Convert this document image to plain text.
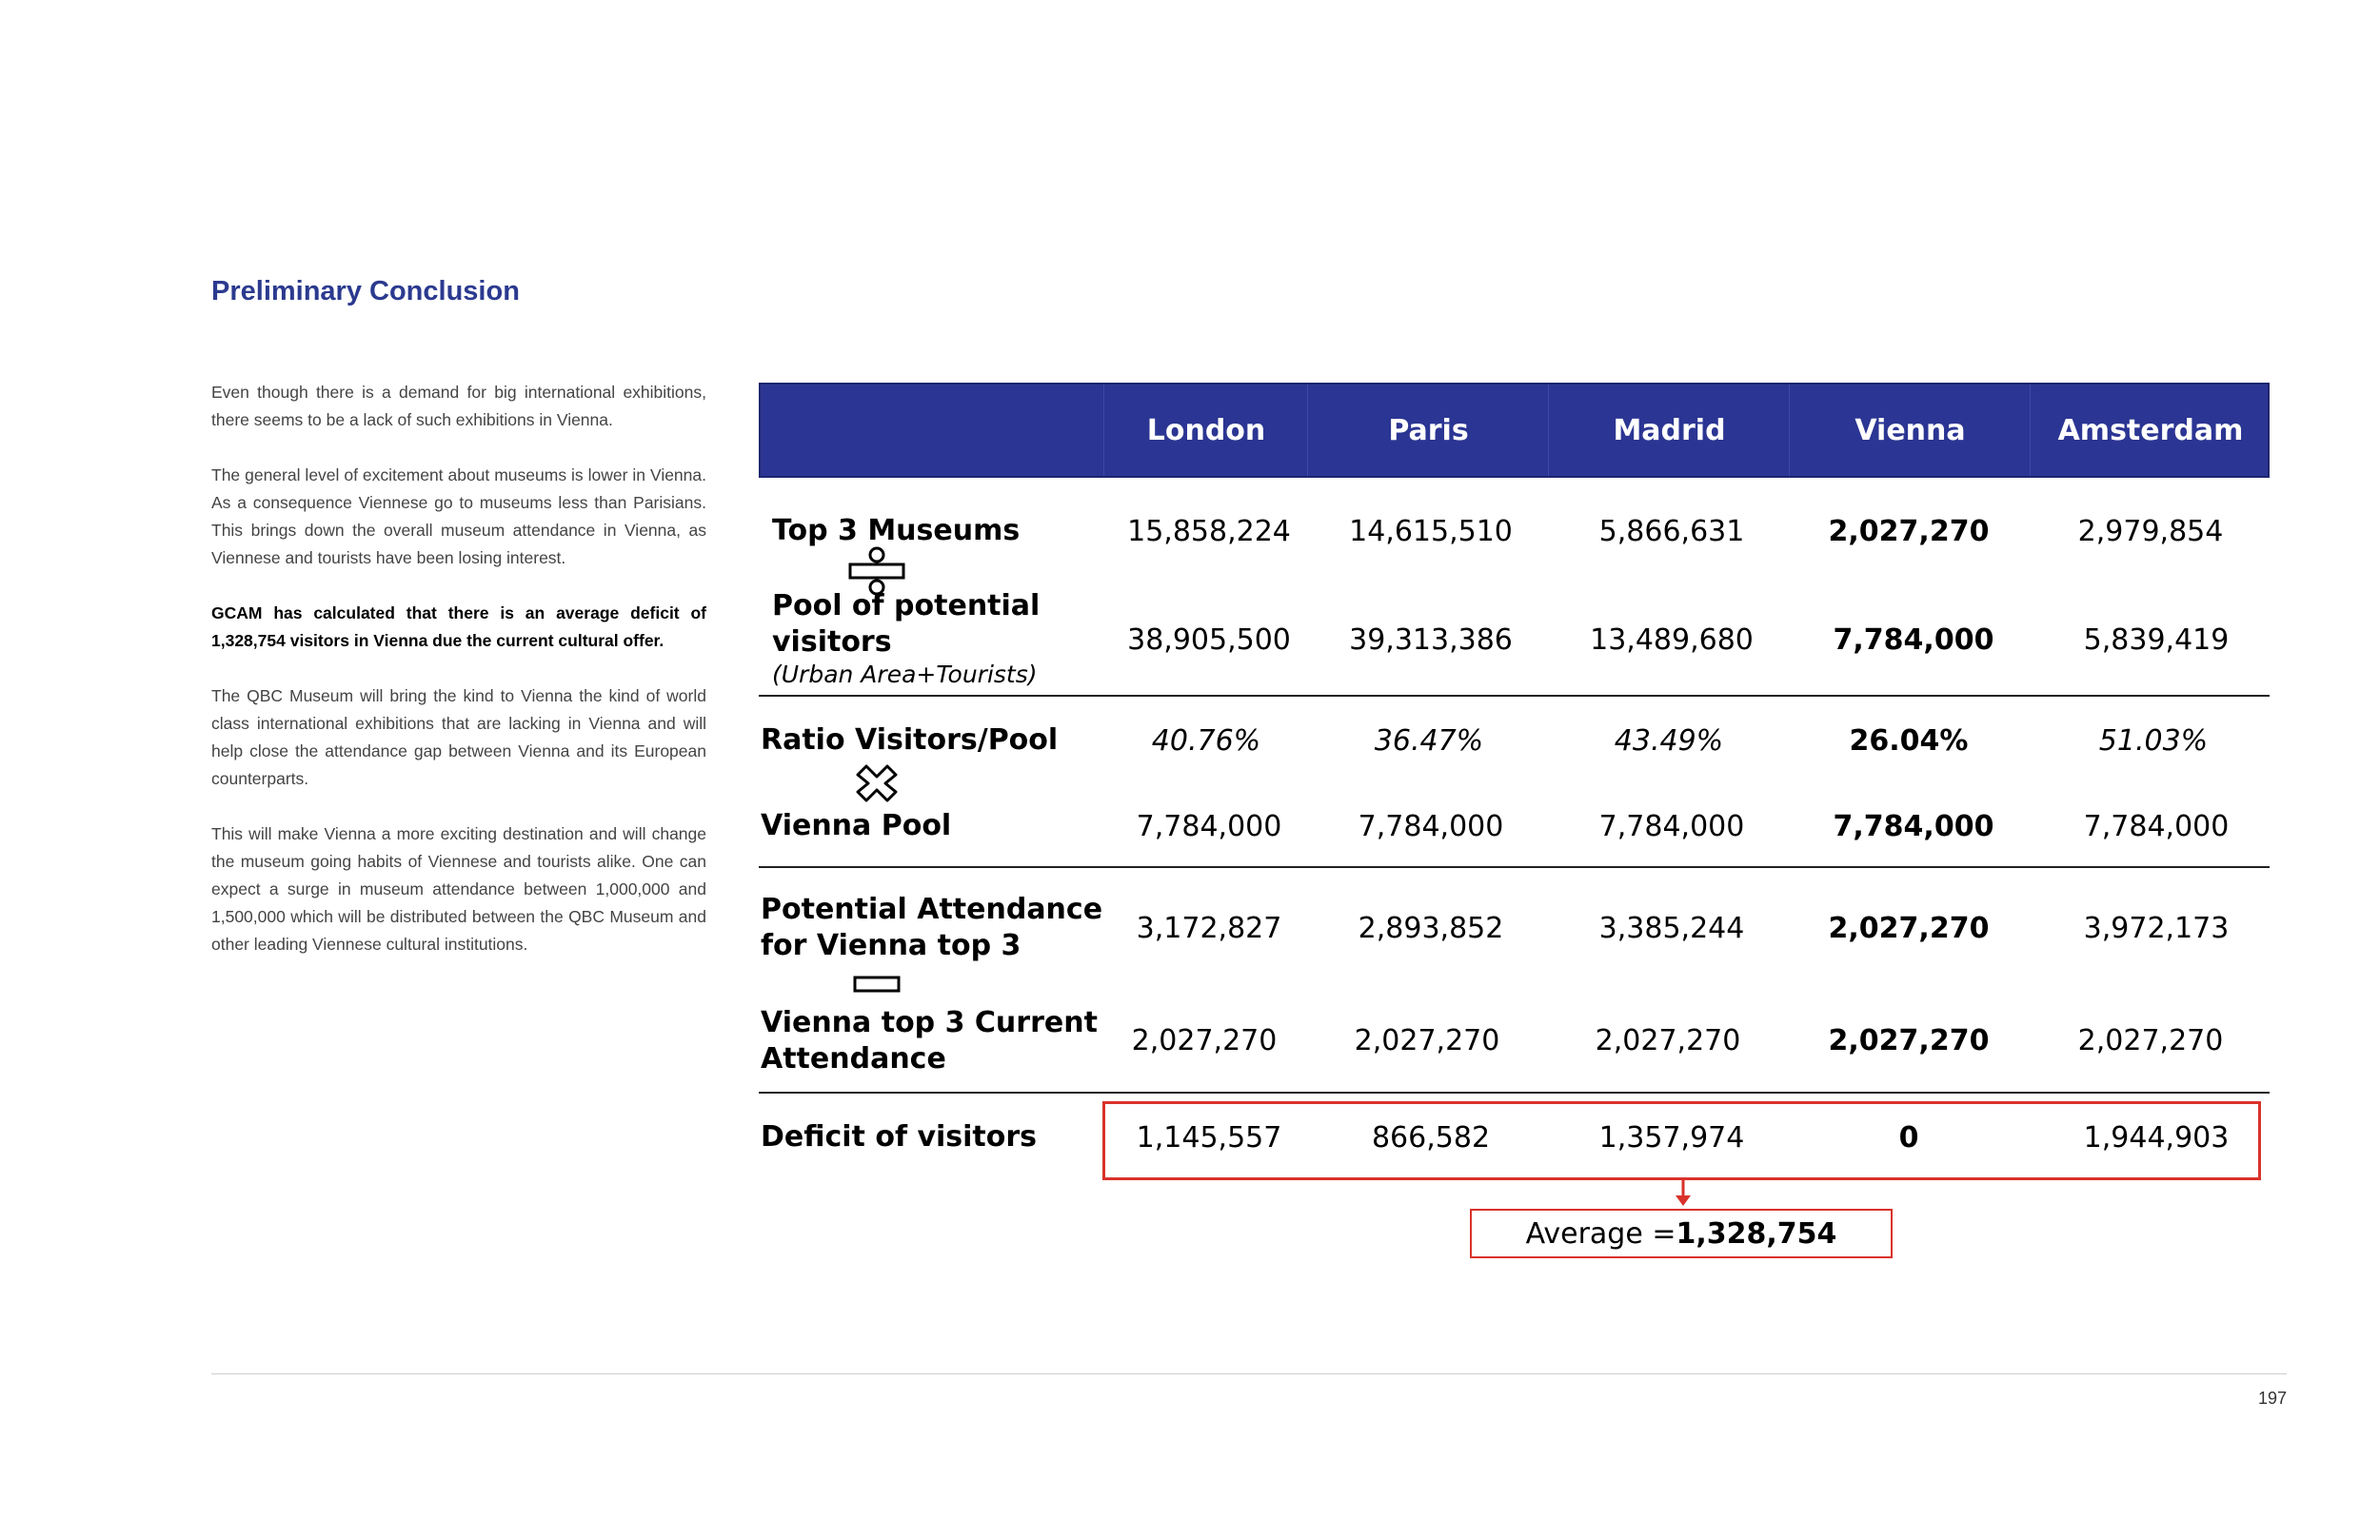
Preliminary Conclusion
Even though there is a demand for big international exhibitions, there seems to be a lack of such exhibitions in Vienna.
The general level of excitement about museums is lower in Vienna. As a consequence Viennese go to museums less than Parisians. This brings down the overall museum attendance in Vienna, as Viennese and tourists have been losing interest.
GCAM has calculated that there is an average deficit of 1,328,754 visitors in Vienna due the current cultural offer.
The QBC Museum will bring the kind to Vienna the kind of world class international exhibitions that are lacking in Vienna and will help close the attendance gap between Vienna and its European counterparts.
This will make Vienna a more exciting destination and will change the museum going habits of Viennese and tourists alike. One can expect a surge in museum attendance between 1,000,000 and 1,500,000 which will be distributed between the QBC Museum and other leading Viennese cultural institutions.
London	Paris	Madrid	Vienna	Amsterdam
Top 3 Museums	15,858,224	14,615,510	5,866,631	2,027,270	2,979,854
Pool of potential
visitors
(Urban Area+Tourists)
38,905,500	39,313,386	13,489,680	7,784,000	5,839,419
Ratio Visitors/Pool	40.76%	36.47%	43.49%	26.04%	51.03%
Vienna Pool	7,784,000	7,784,000	7,784,000	7,784,000	7,784,000
Potential Attendance
for Vienna top 3
3,172,827	2,893,852	3,385,244	2,027,270	3,972,173
Vienna top 3 Current
Attendance
2,027,270	2,027,270	2,027,270	2,027,270	2,027,270
Deficit of visitors	1,145,557	866,582	1,357,974	0	1,944,903
Average = 1,328,754
197
